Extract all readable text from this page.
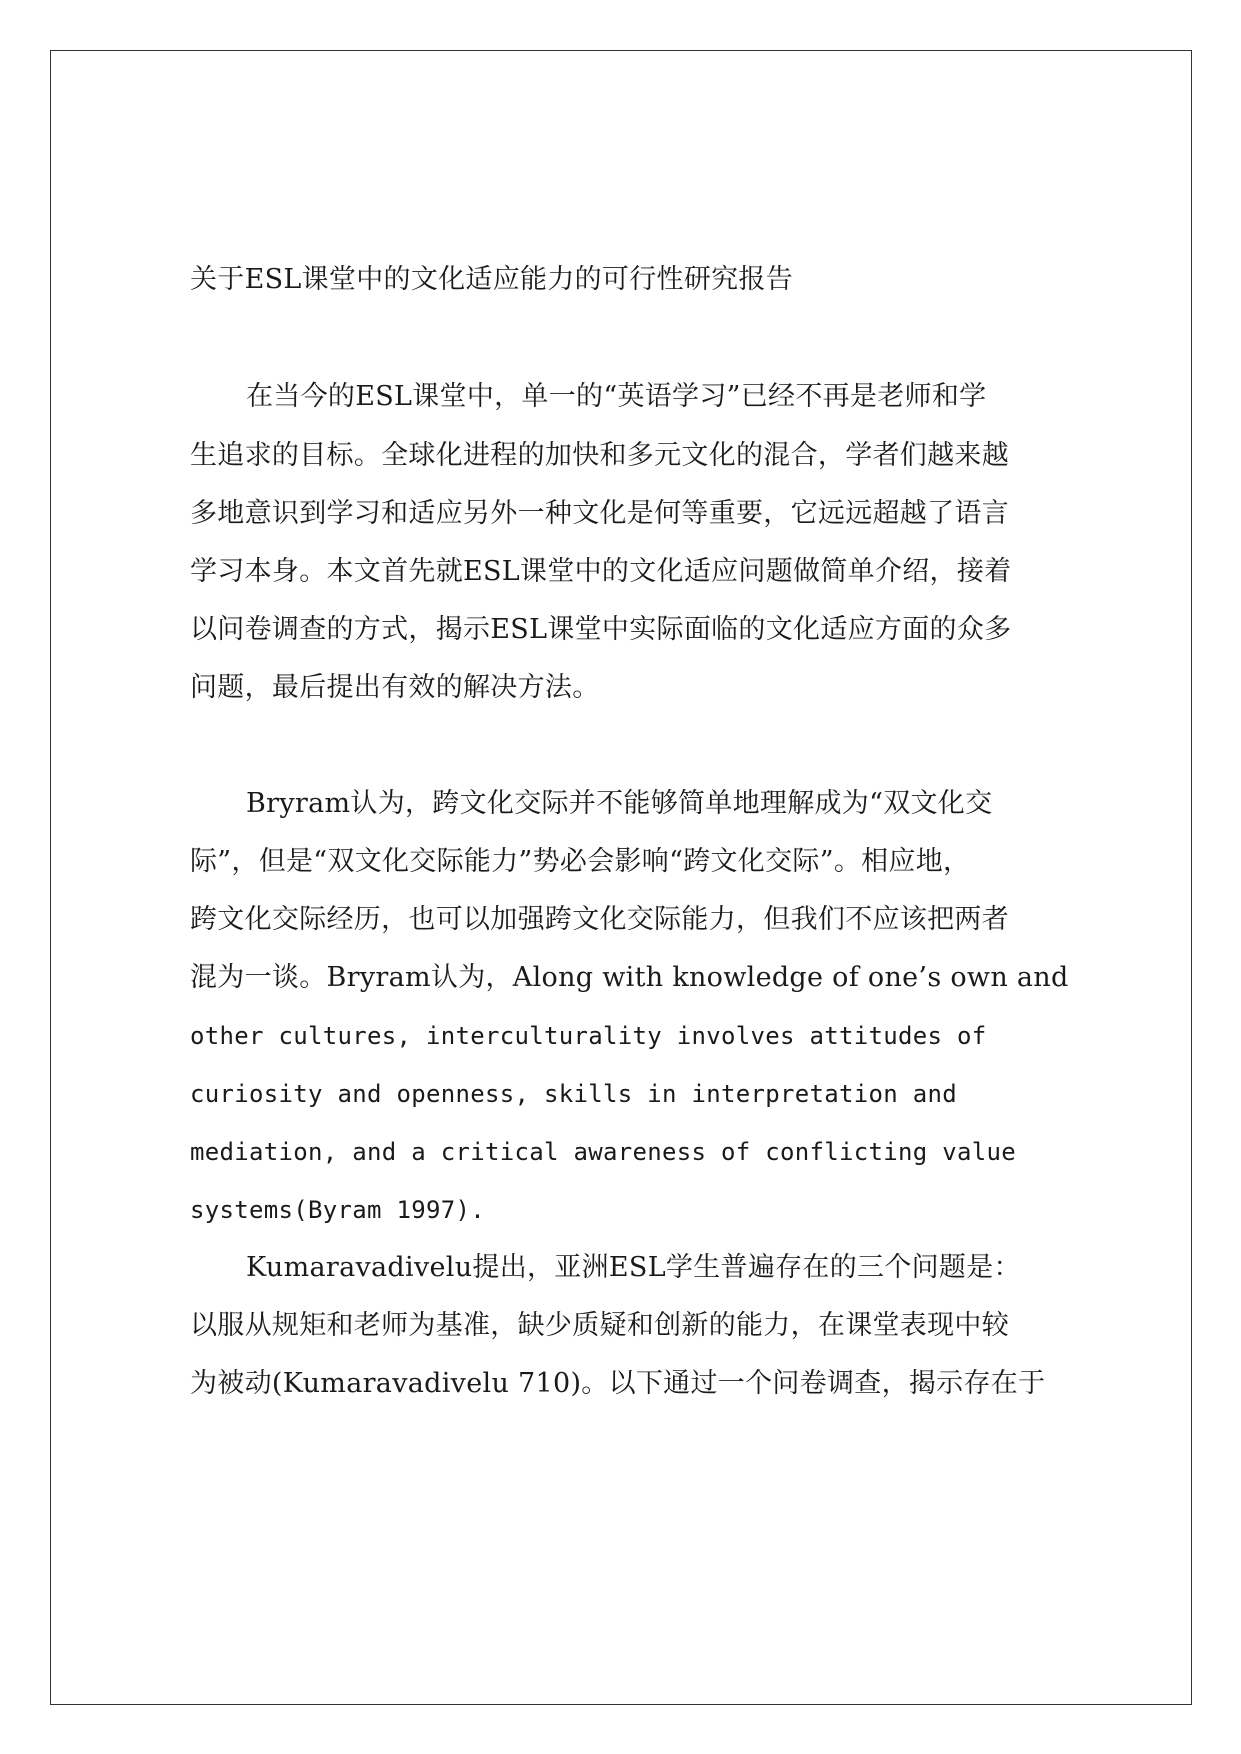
关于ESL课堂中的文化适应能力的可行性研究报告
在当今的ESL课堂中，单一的“英语学习”已经不再是老师和学
生追求的目标。全球化进程的加快和多元文化的混合，学者们越来越
多地意识到学习和适应另外一种文化是何等重要，它远远超越了语言
学习本身。本文首先就ESL课堂中的文化适应问题做简单介绍，接着
以问卷调查的方式，揭示ESL课堂中实际面临的文化适应方面的众多
问题，最后提出有效的解决方法。
Bryram认为，跨文化交际并不能够简单地理解成为“双文化交
际”，但是“双文化交际能力”势必会影响“跨文化交际”。相应地，
跨文化交际经历，也可以加强跨文化交际能力，但我们不应该把两者
混为一谈。Bryram认为，Along with knowledge of one’s own and
other cultures, interculturality involves attitudes of
curiosity and openness, skills in interpretation and
mediation, and a critical awareness of conflicting value
systems(Byram 1997).
Kumaravadivelu提出，亚洲ESL学生普遍存在的三个问题是：
以服从规矩和老师为基准，缺少质疑和创新的能力，在课堂表现中较
为被动(Kumaravadivelu 710)。以下通过一个问卷调查，揭示存在于
